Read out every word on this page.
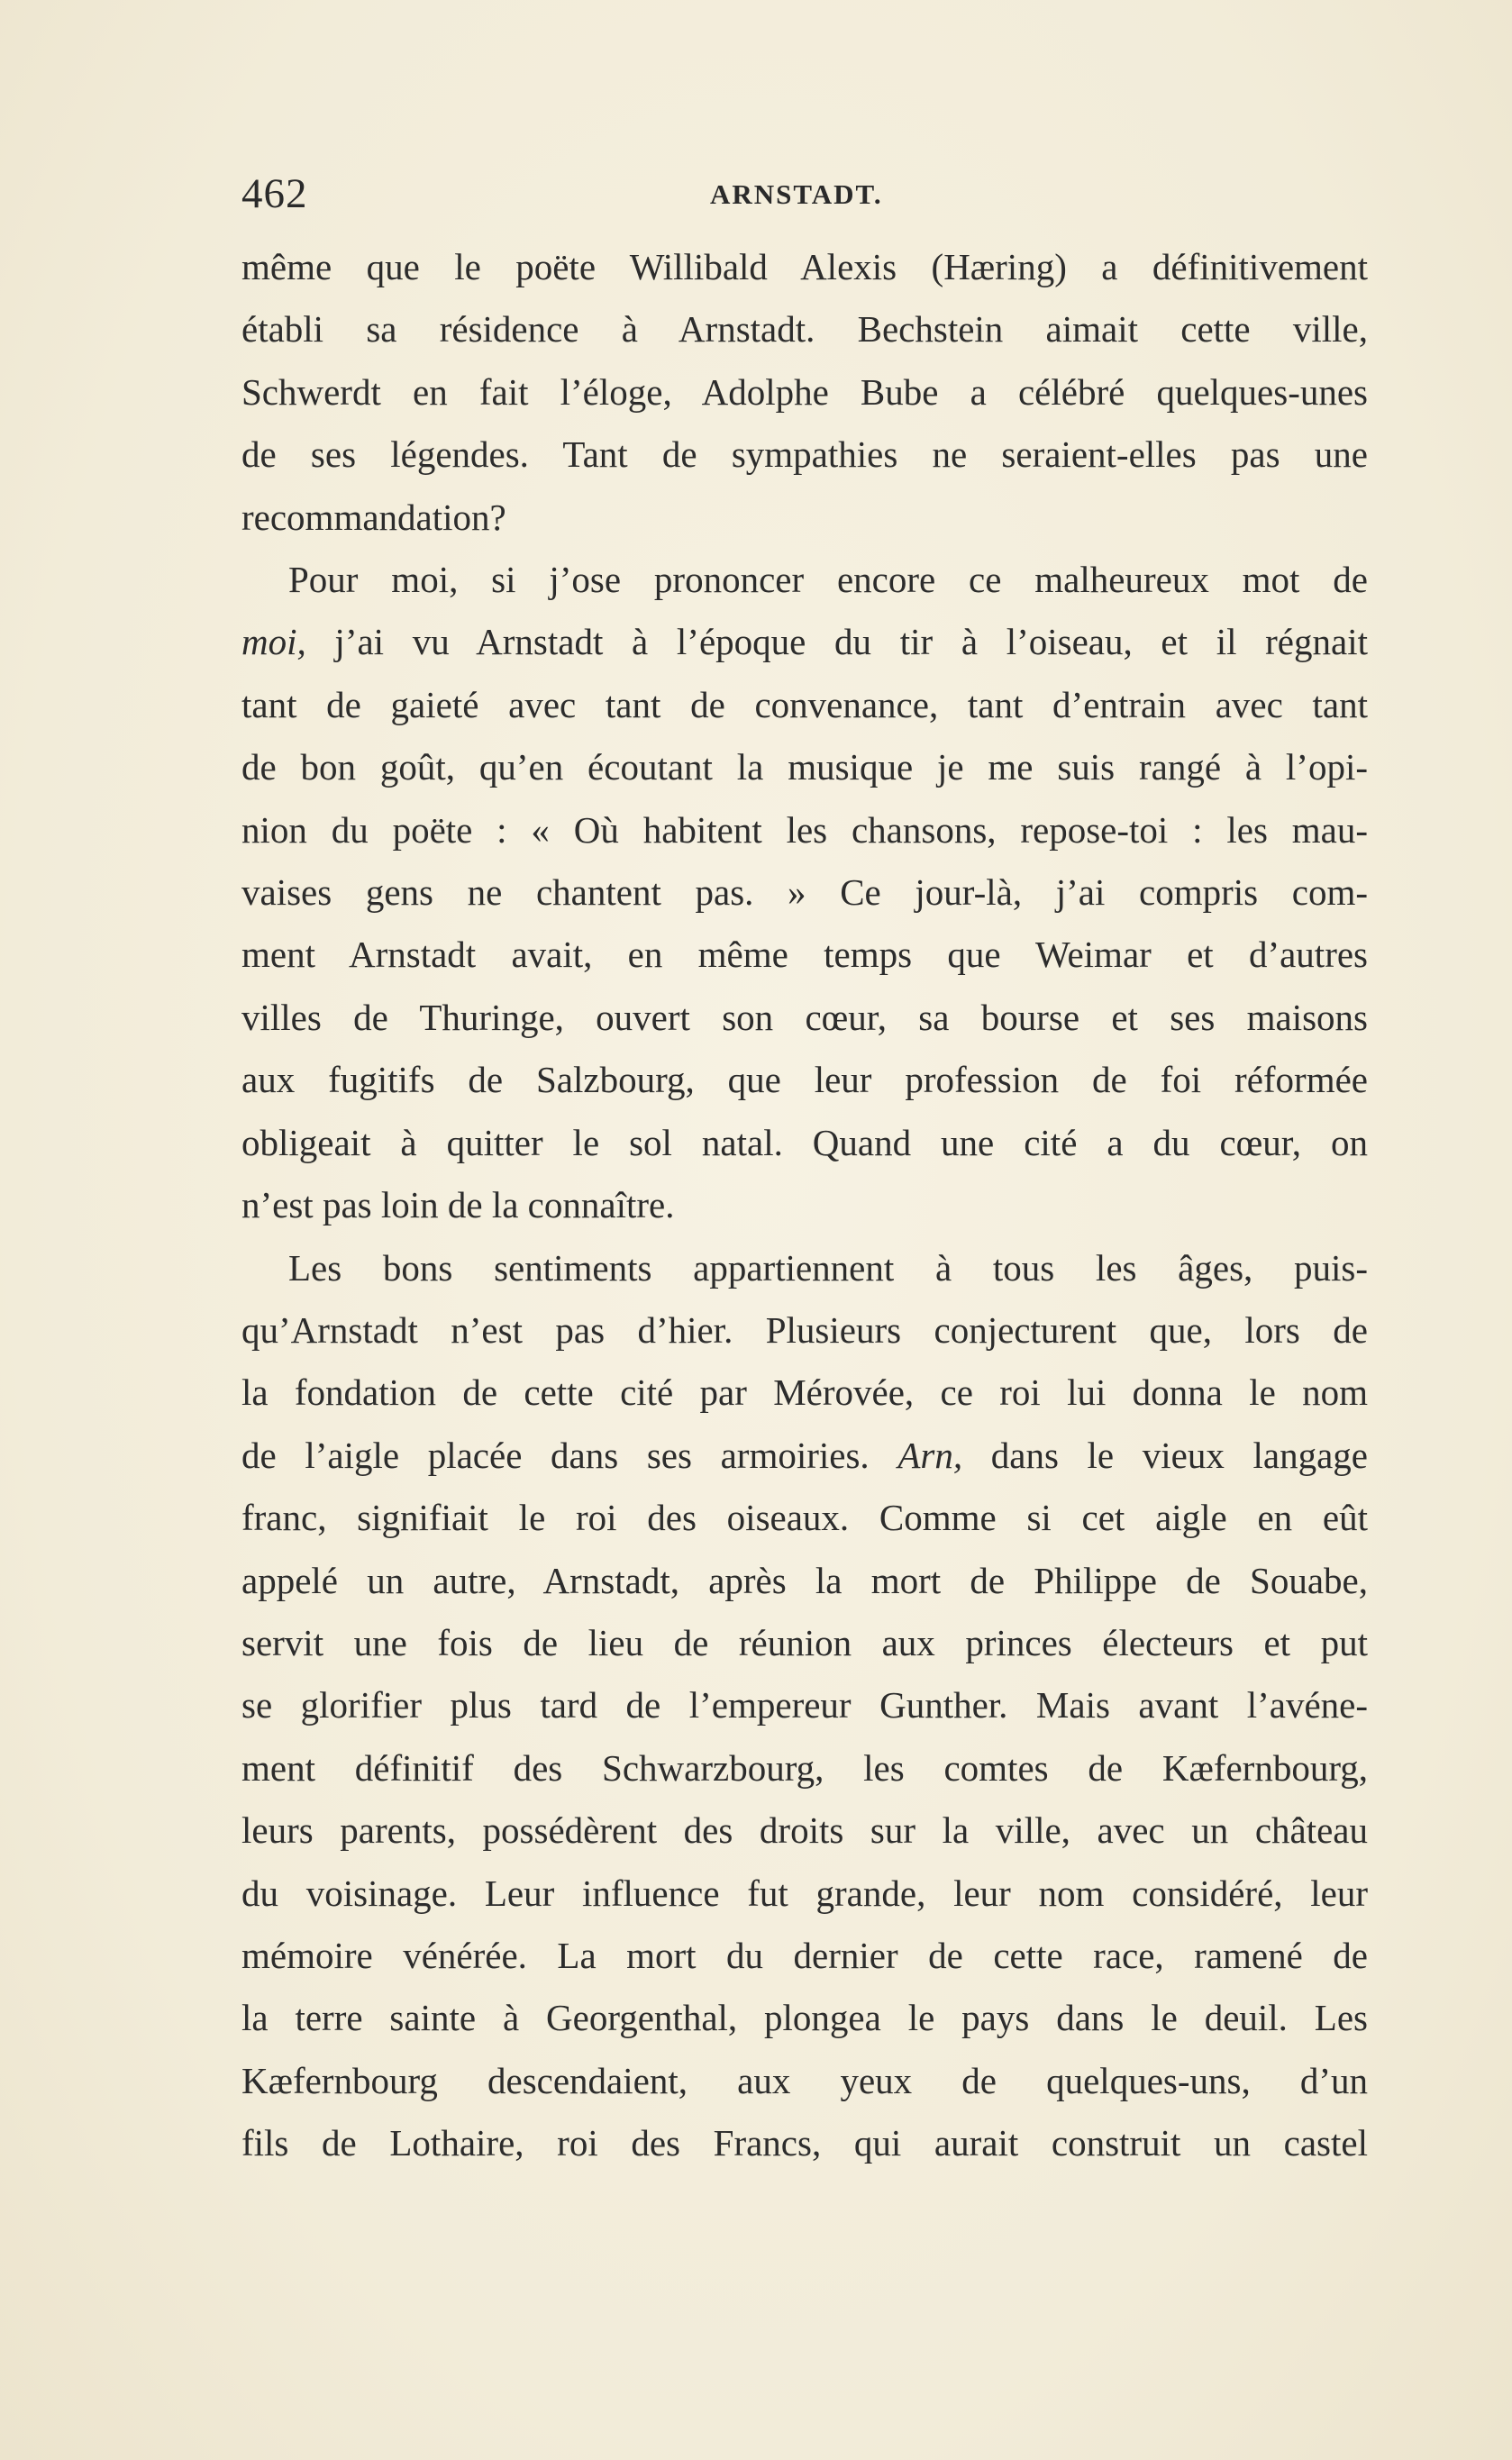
462	ARNSTADT.

même que le poëte Willibald Alexis (Hæring) a définitivement
établi sa résidence à Arnstadt. Bechstein aimait cette ville,
Schwerdt en fait l’éloge, Adolphe Bube a célébré quelques-unes
de ses légendes. Tant de sympathies ne seraient-elles pas une
recommandation?

Pour moi, si j’ose prononcer encore ce malheureux mot de
moi, j’ai vu Arnstadt à l’époque du tir à l’oiseau, et il régnait
tant de gaieté avec tant de convenance, tant d’entrain avec tant
de bon goût, qu’en écoutant la musique je me suis rangé à l’opi-
nion du poëte : « Où habitent les chansons, repose-toi : les mau-
vaises gens ne chantent pas. » Ce jour-là, j’ai compris com-
ment Arnstadt avait, en même temps que Weimar et d’autres
villes de Thuringe, ouvert son cœur, sa bourse et ses maisons
aux fugitifs de Salzbourg, que leur profession de foi réformée
obligeait à quitter le sol natal. Quand une cité a du cœur, on
n’est pas loin de la connaître.

Les bons sentiments appartiennent à tous les âges, puis-
qu’Arnstadt n’est pas d’hier. Plusieurs conjecturent que, lors de
la fondation de cette cité par Mérovée, ce roi lui donna le nom
de l’aigle placée dans ses armoiries. Arn, dans le vieux langage
franc, signifiait le roi des oiseaux. Comme si cet aigle en eût
appelé un autre, Arnstadt, après la mort de Philippe de Souabe,
servit une fois de lieu de réunion aux princes électeurs et put
se glorifier plus tard de l’empereur Gunther. Mais avant l’avéne-
ment définitif des Schwarzbourg, les comtes de Kæfernbourg,
leurs parents, possédèrent des droits sur la ville, avec un château
du voisinage. Leur influence fut grande, leur nom considéré, leur
mémoire vénérée. La mort du dernier de cette race, ramené de
la terre sainte à Georgenthal, plongea le pays dans le deuil. Les
Kæfernbourg descendaient, aux yeux de quelques-uns, d’un
fils de Lothaire, roi des Francs, qui aurait construit un castel
